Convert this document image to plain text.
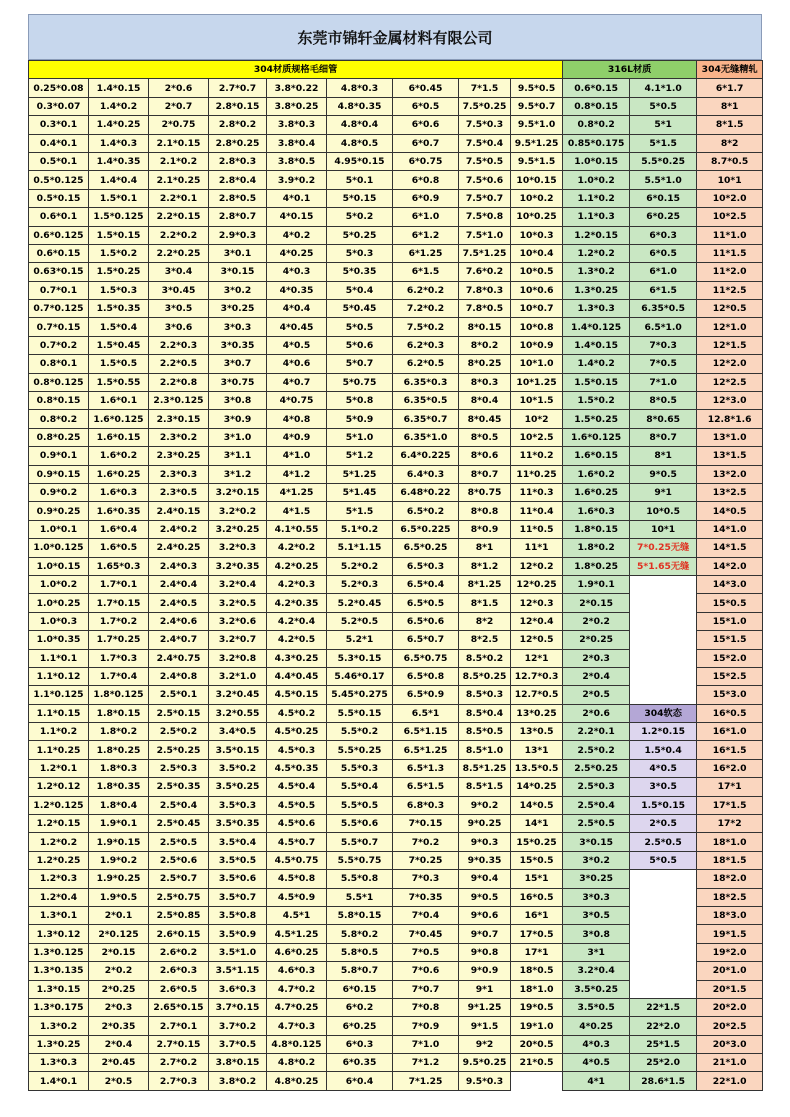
东莞市锦轩金属材料有限公司
304材质规格毛细管									316L材质		304无缝精轧
0.25*0.08	1.4*0.15	2*0.6	2.7*0.7	3.8*0.22	4.8*0.3	6*0.45	7*1.5	9.5*0.5	0.6*0.15	4.1*1.0	6*1.7
0.3*0.07	1.4*0.2	2*0.7	2.8*0.15	3.8*0.25	4.8*0.35	6*0.5	7.5*0.25	9.5*0.7	0.8*0.15	5*0.5	8*1
0.3*0.1	1.4*0.25	2*0.75	2.8*0.2	3.8*0.3	4.8*0.4	6*0.6	7.5*0.3	9.5*1.0	0.8*0.2	5*1	8*1.5
0.4*0.1	1.4*0.3	2.1*0.15	2.8*0.25	3.8*0.4	4.8*0.5	6*0.7	7.5*0.4	9.5*1.25	0.85*0.175	5*1.5	8*2
0.5*0.1	1.4*0.35	2.1*0.2	2.8*0.3	3.8*0.5	4.95*0.15	6*0.75	7.5*0.5	9.5*1.5	1.0*0.15	5.5*0.25	8.7*0.5
0.5*0.125	1.4*0.4	2.1*0.25	2.8*0.4	3.9*0.2	5*0.1	6*0.8	7.5*0.6	10*0.15	1.0*0.2	5.5*1.0	10*1
0.5*0.15	1.5*0.1	2.2*0.1	2.8*0.5	4*0.1	5*0.15	6*0.9	7.5*0.7	10*0.2	1.1*0.2	6*0.15	10*2.0
0.6*0.1	1.5*0.125	2.2*0.15	2.8*0.7	4*0.15	5*0.2	6*1.0	7.5*0.8	10*0.25	1.1*0.3	6*0.25	10*2.5
0.6*0.125	1.5*0.15	2.2*0.2	2.9*0.3	4*0.2	5*0.25	6*1.2	7.5*1.0	10*0.3	1.2*0.15	6*0.3	11*1.0
0.6*0.15	1.5*0.2	2.2*0.25	3*0.1	4*0.25	5*0.3	6*1.25	7.5*1.25	10*0.4	1.2*0.2	6*0.5	11*1.5
0.63*0.15	1.5*0.25	3*0.4	3*0.15	4*0.3	5*0.35	6*1.5	7.6*0.2	10*0.5	1.3*0.2	6*1.0	11*2.0
0.7*0.1	1.5*0.3	3*0.45	3*0.2	4*0.35	5*0.4	6.2*0.2	7.8*0.3	10*0.6	1.3*0.25	6*1.5	11*2.5
0.7*0.125	1.5*0.35	3*0.5	3*0.25	4*0.4	5*0.45	7.2*0.2	7.8*0.5	10*0.7	1.3*0.3	6.35*0.5	12*0.5
0.7*0.15	1.5*0.4	3*0.6	3*0.3	4*0.45	5*0.5	7.5*0.2	8*0.15	10*0.8	1.4*0.125	6.5*1.0	12*1.0
0.7*0.2	1.5*0.45	2.2*0.3	3*0.35	4*0.5	5*0.6	6.2*0.3	8*0.2	10*0.9	1.4*0.15	7*0.3	12*1.5
0.8*0.1	1.5*0.5	2.2*0.5	3*0.7	4*0.6	5*0.7	6.2*0.5	8*0.25	10*1.0	1.4*0.2	7*0.5	12*2.0
0.8*0.125	1.5*0.55	2.2*0.8	3*0.75	4*0.7	5*0.75	6.35*0.3	8*0.3	10*1.25	1.5*0.15	7*1.0	12*2.5
0.8*0.15	1.6*0.1	2.3*0.125	3*0.8	4*0.75	5*0.8	6.35*0.5	8*0.4	10*1.5	1.5*0.2	8*0.5	12*3.0
0.8*0.2	1.6*0.125	2.3*0.15	3*0.9	4*0.8	5*0.9	6.35*0.7	8*0.45	10*2	1.5*0.25	8*0.65	12.8*1.6
0.8*0.25	1.6*0.15	2.3*0.2	3*1.0	4*0.9	5*1.0	6.35*1.0	8*0.5	10*2.5	1.6*0.125	8*0.7	13*1.0
0.9*0.1	1.6*0.2	2.3*0.25	3*1.1	4*1.0	5*1.2	6.4*0.225	8*0.6	11*0.2	1.6*0.15	8*1	13*1.5
0.9*0.15	1.6*0.25	2.3*0.3	3*1.2	4*1.2	5*1.25	6.4*0.3	8*0.7	11*0.25	1.6*0.2	9*0.5	13*2.0
0.9*0.2	1.6*0.3	2.3*0.5	3.2*0.15	4*1.25	5*1.45	6.48*0.22	8*0.75	11*0.3	1.6*0.25	9*1	13*2.5
0.9*0.25	1.6*0.35	2.4*0.15	3.2*0.2	4*1.5	5*1.5	6.5*0.2	8*0.8	11*0.4	1.6*0.3	10*0.5	14*0.5
1.0*0.1	1.6*0.4	2.4*0.2	3.2*0.25	4.1*0.55	5.1*0.2	6.5*0.225	8*0.9	11*0.5	1.8*0.15	10*1	14*1.0
1.0*0.125	1.6*0.5	2.4*0.25	3.2*0.3	4.2*0.2	5.1*1.15	6.5*0.25	8*1	11*1	1.8*0.2	7*0.25无缝	14*1.5
1.0*0.15	1.65*0.3	2.4*0.3	3.2*0.35	4.2*0.25	5.2*0.2	6.5*0.3	8*1.2	12*0.2	1.8*0.25	5*1.65无缝	14*2.0
1.0*0.2	1.7*0.1	2.4*0.4	3.2*0.4	4.2*0.3	5.2*0.3	6.5*0.4	8*1.25	12*0.25	1.9*0.1		14*3.0
1.0*0.25	1.7*0.15	2.4*0.5	3.2*0.5	4.2*0.35	5.2*0.45	6.5*0.5	8*1.5	12*0.3	2*0.15		15*0.5
1.0*0.3	1.7*0.2	2.4*0.6	3.2*0.6	4.2*0.4	5.2*0.5	6.5*0.6	8*2	12*0.4	2*0.2		15*1.0
1.0*0.35	1.7*0.25	2.4*0.7	3.2*0.7	4.2*0.5	5.2*1	6.5*0.7	8*2.5	12*0.5	2*0.25		15*1.5
1.1*0.1	1.7*0.3	2.4*0.75	3.2*0.8	4.3*0.25	5.3*0.15	6.5*0.75	8.5*0.2	12*1	2*0.3		15*2.0
1.1*0.12	1.7*0.4	2.4*0.8	3.2*1.0	4.4*0.45	5.46*0.17	6.5*0.8	8.5*0.25	12.7*0.3	2*0.4		15*2.5
1.1*0.125	1.8*0.125	2.5*0.1	3.2*0.45	4.5*0.15	5.45*0.275	6.5*0.9	8.5*0.3	12.7*0.5	2*0.5		15*3.0
1.1*0.15	1.8*0.15	2.5*0.15	3.2*0.55	4.5*0.2	5.5*0.15	6.5*1	8.5*0.4	13*0.25	2*0.6	304软态	16*0.5
1.1*0.2	1.8*0.2	2.5*0.2	3.4*0.5	4.5*0.25	5.5*0.2	6.5*1.15	8.5*0.5	13*0.5	2.2*0.1	1.2*0.15	16*1.0
1.1*0.25	1.8*0.25	2.5*0.25	3.5*0.15	4.5*0.3	5.5*0.25	6.5*1.25	8.5*1.0	13*1	2.5*0.2	1.5*0.4	16*1.5
1.2*0.1	1.8*0.3	2.5*0.3	3.5*0.2	4.5*0.35	5.5*0.3	6.5*1.3	8.5*1.25	13.5*0.5	2.5*0.25	4*0.5	16*2.0
1.2*0.12	1.8*0.35	2.5*0.35	3.5*0.25	4.5*0.4	5.5*0.4	6.5*1.5	8.5*1.5	14*0.25	2.5*0.3	3*0.5	17*1
1.2*0.125	1.8*0.4	2.5*0.4	3.5*0.3	4.5*0.5	5.5*0.5	6.8*0.3	9*0.2	14*0.5	2.5*0.4	1.5*0.15	17*1.5
1.2*0.15	1.9*0.1	2.5*0.45	3.5*0.35	4.5*0.6	5.5*0.6	7*0.15	9*0.25	14*1	2.5*0.5	2*0.5	17*2
1.2*0.2	1.9*0.15	2.5*0.5	3.5*0.4	4.5*0.7	5.5*0.7	7*0.2	9*0.3	15*0.25	3*0.15	2.5*0.5	18*1.0
1.2*0.25	1.9*0.2	2.5*0.6	3.5*0.5	4.5*0.75	5.5*0.75	7*0.25	9*0.35	15*0.5	3*0.2	5*0.5	18*1.5
1.2*0.3	1.9*0.25	2.5*0.7	3.5*0.6	4.5*0.8	5.5*0.8	7*0.3	9*0.4	15*1	3*0.25		18*2.0
1.2*0.4	1.9*0.5	2.5*0.75	3.5*0.7	4.5*0.9	5.5*1	7*0.35	9*0.5	16*0.5	3*0.3		18*2.5
1.3*0.1	2*0.1	2.5*0.85	3.5*0.8	4.5*1	5.8*0.15	7*0.4	9*0.6	16*1	3*0.5		18*3.0
1.3*0.12	2*0.125	2.6*0.15	3.5*0.9	4.5*1.25	5.8*0.2	7*0.45	9*0.7	17*0.5	3*0.8		19*1.5
1.3*0.125	2*0.15	2.6*0.2	3.5*1.0	4.6*0.25	5.8*0.5	7*0.5	9*0.8	17*1	3*1		19*2.0
1.3*0.135	2*0.2	2.6*0.3	3.5*1.15	4.6*0.3	5.8*0.7	7*0.6	9*0.9	18*0.5	3.2*0.4		20*1.0
1.3*0.15	2*0.25	2.6*0.5	3.6*0.3	4.7*0.2	6*0.15	7*0.7	9*1	18*1.0	3.5*0.25		20*1.5
1.3*0.175	2*0.3	2.65*0.15	3.7*0.15	4.7*0.25	6*0.2	7*0.8	9*1.25	19*0.5	3.5*0.5	22*1.5	20*2.0
1.3*0.2	2*0.35	2.7*0.1	3.7*0.2	4.7*0.3	6*0.25	7*0.9	9*1.5	19*1.0	4*0.25	22*2.0	20*2.5
1.3*0.25	2*0.4	2.7*0.15	3.7*0.5	4.8*0.125	6*0.3	7*1.0	9*2	20*0.5	4*0.3	25*1.5	20*3.0
1.3*0.3	2*0.45	2.7*0.2	3.8*0.15	4.8*0.2	6*0.35	7*1.2	9.5*0.25	21*0.5	4*0.5	25*2.0	21*1.0
1.4*0.1	2*0.5	2.7*0.3	3.8*0.2	4.8*0.25	6*0.4	7*1.25	9.5*0.3		4*1	28.6*1.5	22*1.0
